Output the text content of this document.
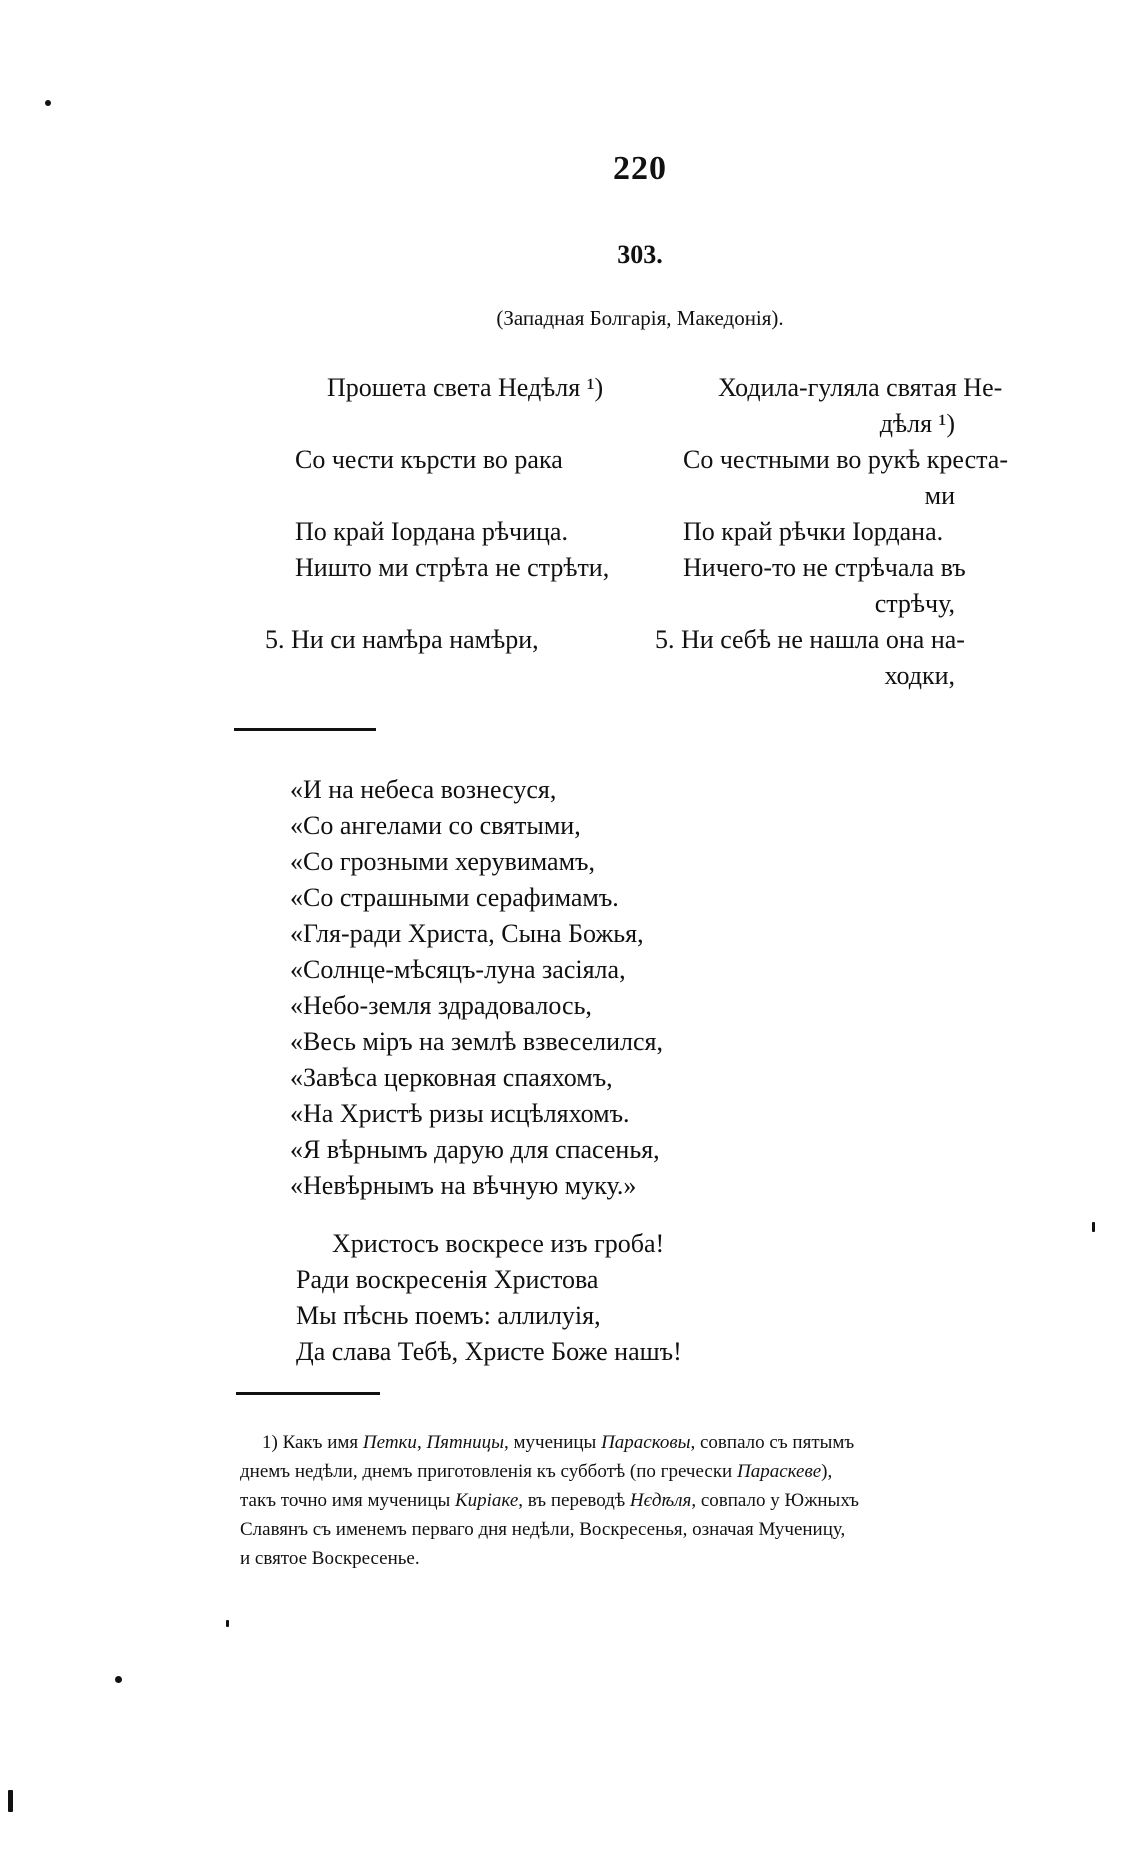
220
303.
(Западная Болгарія, Македонія).
Прошета света Недѣля ¹)
Со чести кърсти во рака
По край Іордана рѣчица.
Ништо ми стрѣта не стрѣти,
5. Ни си намѣра намѣри,
Ходила-гуляла святая Не-
дѣля ¹)
Со честными во рукѣ креста-
ми
По край рѣчки Іордана.
Ничего-то не стрѣчала въ
стрѣчу,
5. Ни себѣ не нашла она на-
ходки,
«И на небеса вознесуся,
«Со ангелами со святыми,
«Со грозными херувимамъ,
«Со страшными серафимамъ.
«Гля-ради Христа, Сына Божья,
«Солнце-мѣсяцъ-луна засіяла,
«Небо-земля здрадовалось,
«Весь міръ на землѣ взвеселился,
«Завѣса церковная спаяхомъ,
«На Христѣ ризы исцѣляхомъ.
«Я вѣрнымъ дарую для спасенья,
«Невѣрнымъ на вѣчную муку.»
Христосъ воскресе изъ гроба!
Ради воскресенія Христова
Мы пѣснь поемъ: аллилуія,
Да слава Тебѣ, Христе Боже нашъ!
1) Какъ имя Петки, Пятницы, мученицы Парасковы, совпало съ пятымъ
днемъ недѣли, днемъ приготовленія къ субботѣ (по гречески Параскеве),
такъ точно имя мученицы Киріаке, въ переводѣ Нєдѣля, совпало у Южныхъ
Славянъ съ именемъ перваго дня недѣли, Воскресенья, означая Мученицу,
и святое Воскресенье.
